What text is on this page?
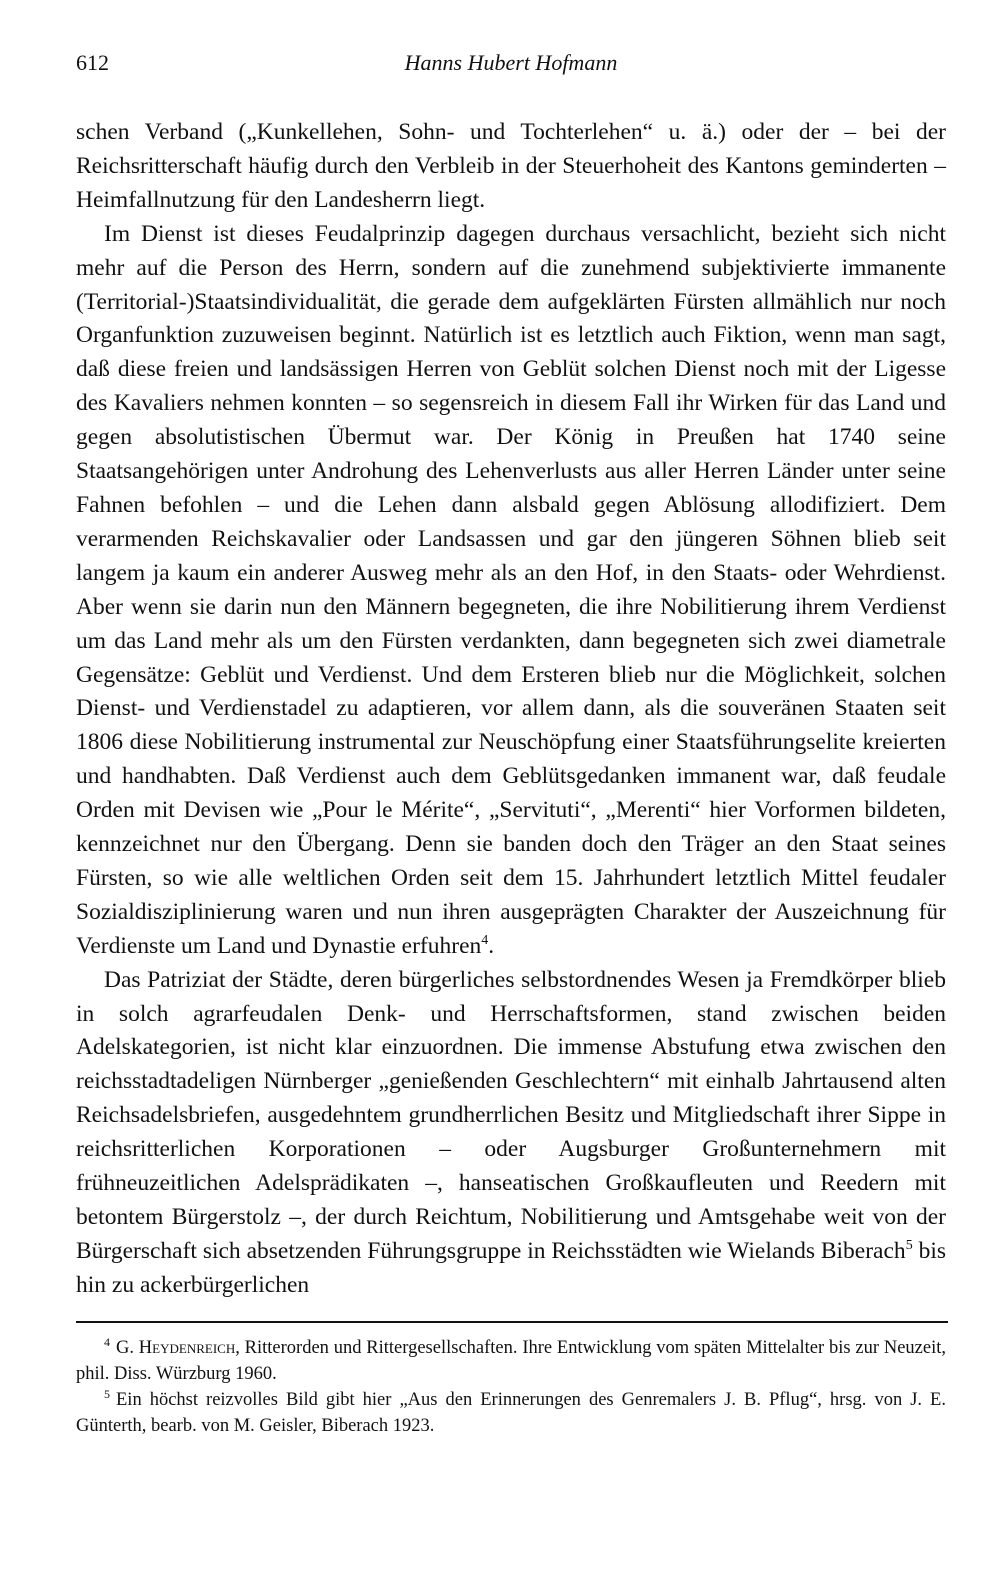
612	Hanns Hubert Hofmann

schen Verband („Kunkellehen, Sohn- und Tochterlehen“ u. ä.) oder der – bei der Reichsritterschaft häufig durch den Verbleib in der Steuerhoheit des Kantons geminderten – Heimfallnutzung für den Landesherrn liegt.

Im Dienst ist dieses Feudalprinzip dagegen durchaus versachlicht, bezieht sich nicht mehr auf die Person des Herrn, sondern auf die zunehmend subjektivierte immanente (Territorial-)Staatsindividualität, die gerade dem aufgeklärten Fürsten allmählich nur noch Organfunktion zuzuweisen beginnt. Natürlich ist es letztlich auch Fiktion, wenn man sagt, daß diese freien und landsässigen Herren von Geblüt solchen Dienst noch mit der Ligesse des Kavaliers nehmen konnten – so segensreich in diesem Fall ihr Wirken für das Land und gegen absolutistischen Übermut war. Der König in Preußen hat 1740 seine Staatsangehörigen unter Androhung des Lehenverlusts aus aller Herren Länder unter seine Fahnen befohlen – und die Lehen dann alsbald gegen Ablösung allodifiziert. Dem verarmenden Reichskavalier oder Landsassen und gar den jüngeren Söhnen blieb seit langem ja kaum ein anderer Ausweg mehr als an den Hof, in den Staats- oder Wehrdienst. Aber wenn sie darin nun den Männern begegneten, die ihre Nobilitierung ihrem Verdienst um das Land mehr als um den Fürsten verdankten, dann begegneten sich zwei diametrale Gegensätze: Geblüt und Verdienst. Und dem Ersteren blieb nur die Möglichkeit, solchen Dienst- und Verdienstadel zu adaptieren, vor allem dann, als die souveränen Staaten seit 1806 diese Nobilitierung instrumental zur Neuschöpfung einer Staatsführungselite kreierten und handhabten. Daß Verdienst auch dem Geblütsgedanken immanent war, daß feudale Orden mit Devisen wie „Pour le Mérite“, „Servituti“, „Merenti“ hier Vorformen bildeten, kennzeichnet nur den Übergang. Denn sie banden doch den Träger an den Staat seines Fürsten, so wie alle weltlichen Orden seit dem 15. Jahrhundert letztlich Mittel feudaler Sozialdisziplinierung waren und nun ihren ausgeprägten Charakter der Auszeichnung für Verdienste um Land und Dynastie erfuhren$^4$.

Das Patriziat der Städte, deren bürgerliches selbstordnendes Wesen ja Fremdkörper blieb in solch agrarfeudalen Denk- und Herrschaftsformen, stand zwischen beiden Adelskategorien, ist nicht klar einzuordnen. Die immense Abstufung etwa zwischen den reichsstadtadeligen Nürnberger „genießenden Geschlechtern“ mit einhalb Jahrtausend alten Reichsadelsbriefen, ausgedehntem grundherrlichen Besitz und Mitgliedschaft ihrer Sippe in reichsritterlichen Korporationen – oder Augsburger Großunternehmern mit frühneuzeitlichen Adelsprädikaten –, hanseatischen Großkaufleuten und Reedern mit betontem Bürgerstolz –, der durch Reichtum, Nobilitierung und Amtsgehabe weit von der Bürgerschaft sich absetzenden Führungsgruppe in Reichsstädten wie Wielands Biberach$^5$ bis hin zu ackerbürgerlichen

$^4$ G. Heydenreich, Ritterorden und Rittergesellschaften. Ihre Entwicklung vom späten Mittelalter bis zur Neuzeit, phil. Diss. Würzburg 1960.

$^5$ Ein höchst reizvolles Bild gibt hier „Aus den Erinnerungen des Genremalers J. B. Pflug“, hrsg. von J. E. Günterth, bearb. von M. Geisler, Biberach 1923.
